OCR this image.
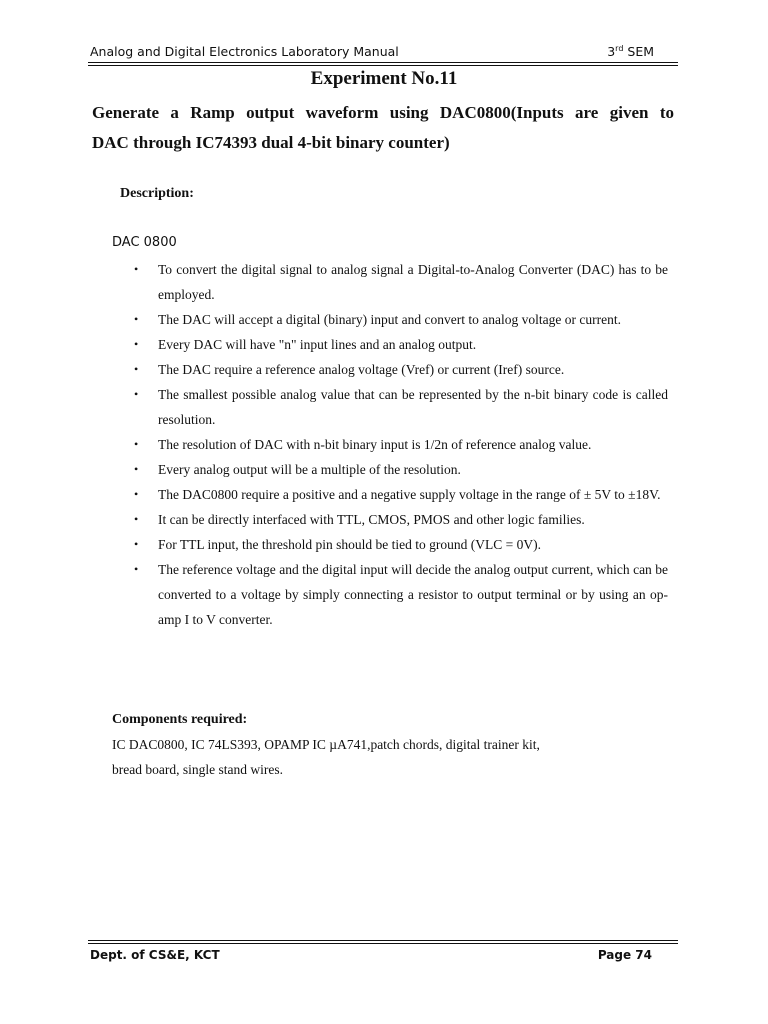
Analog and Digital Electronics Laboratory Manual	3rd SEM
Experiment No.11
Generate a Ramp output waveform using DAC0800(Inputs are given to
DAC through IC74393 dual 4-bit binary counter)
Description:
DAC 0800
• To convert the digital signal to analog signal a Digital-to-Analog Converter (DAC) has to be employed.
• The DAC will accept a digital (binary) input and convert to analog voltage or current.
• Every DAC will have "n" input lines and an analog output.
• The DAC require a reference analog voltage (Vref) or current (Iref) source.
• The smallest possible analog value that can be represented by the n-bit binary code is called resolution.
• The resolution of DAC with n-bit binary input is 1/2n of reference analog value.
• Every analog output will be a multiple of the resolution.
• The DAC0800 require a positive and a negative supply voltage in the range of ± 5V to ±18V.
• It can be directly interfaced with TTL, CMOS, PMOS and other logic families.
• For TTL input, the threshold pin should be tied to ground (VLC = 0V).
• The reference voltage and the digital input will decide the analog output current, which can be converted to a voltage by simply connecting a resistor to output terminal or by using an op-amp I to V converter.
Components required:
IC DAC0800, IC 74LS393, OPAMP IC µA741,patch chords, digital trainer kit,
bread board, single stand wires.
Dept. of CS&E, KCT	Page 74
